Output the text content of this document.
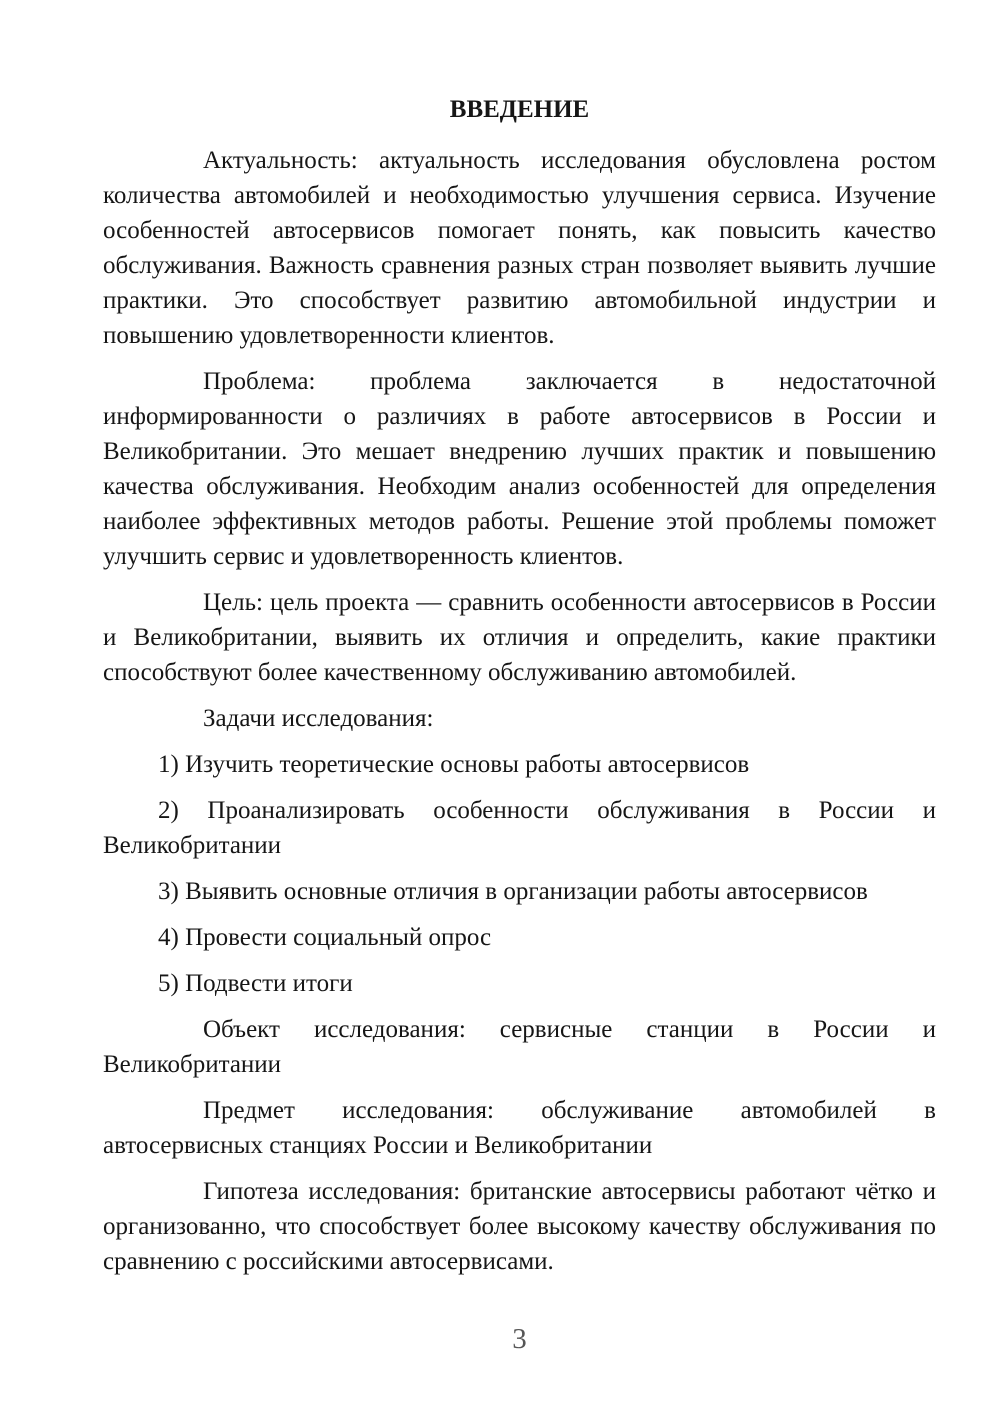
ВВЕДЕНИЕ

Актуальность: актуальность исследования обусловлена ростом количества автомобилей и необходимостью улучшения сервиса. Изучение особенностей автосервисов помогает понять, как повысить качество обслуживания. Важность сравнения разных стран позволяет выявить лучшие практики. Это способствует развитию автомобильной индустрии и повышению удовлетворенности клиентов.

Проблема: проблема заключается в недостаточной информированности о различиях в работе автосервисов в России и Великобритании. Это мешает внедрению лучших практик и повышению качества обслуживания. Необходим анализ особенностей для определения наиболее эффективных методов работы. Решение этой проблемы поможет улучшить сервис и удовлетворенность клиентов.

Цель: цель проекта — сравнить особенности автосервисов в России и Великобритании, выявить их отличия и определить, какие практики способствуют более качественному обслуживанию автомобилей.

Задачи исследования:

1) Изучить теоретические основы работы автосервисов

2) Проанализировать особенности обслуживания в России и Великобритании

3) Выявить основные отличия в организации работы автосервисов

4) Провести социальный опрос

5) Подвести итоги

Объект исследования: сервисные станции в России и Великобритании

Предмет исследования: обслуживание автомобилей в автосервисных станциях России и Великобритании

Гипотеза исследования: британские автосервисы работают чётко и организованно, что способствует более высокому качеству обслуживания по сравнению с российскими автосервисами.

3
